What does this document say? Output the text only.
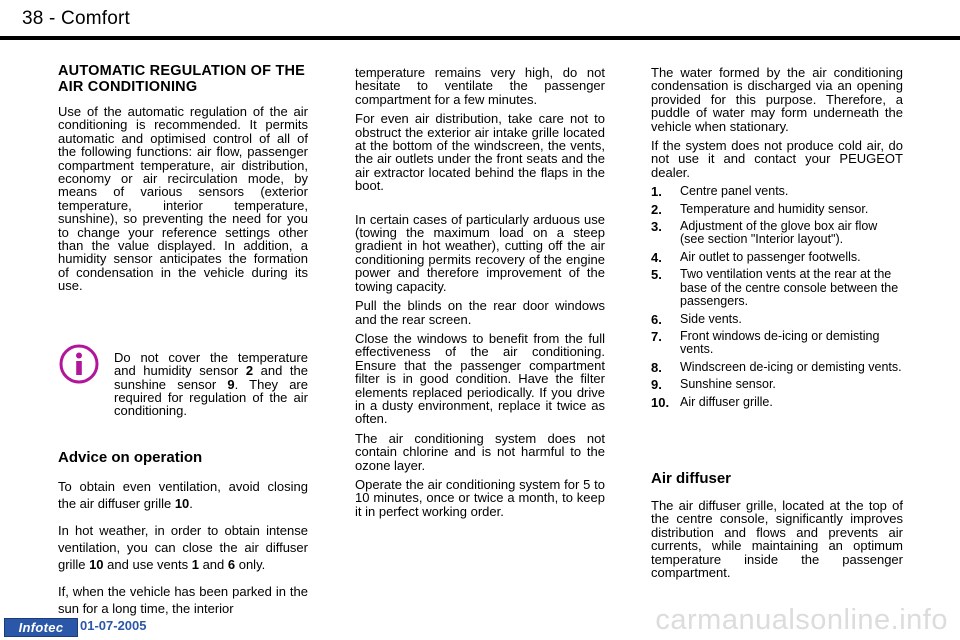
38 - Comfort
AUTOMATIC REGULATION OF THE AIR CONDITIONING

Use of the automatic regulation of the air conditioning is recommended. It permits automatic and optimised control of all of the following functions: air flow, passenger compartment temperature, air distribution, economy or air recirculation mode, by means of various sensors (exterior temperature, interior temperature, sunshine), so preventing the need for you to change your reference settings other than the value displayed. In addition, a humidity sensor anticipates the formation of condensation in the vehicle during its use.

Do not cover the temperature and humidity sensor 2 and the sunshine sensor 9. They are required for regulation of the air conditioning.

Advice on operation

To obtain even ventilation, avoid closing the air diffuser grille 10.

In hot weather, in order to obtain intense ventilation, you can close the air diffuser grille 10 and use vents 1 and 6 only.

If, when the vehicle has been parked in the sun for a long time, the interior

temperature remains very high, do not hesitate to ventilate the passenger compartment for a few minutes.

For even air distribution, take care not to obstruct the exterior air intake grille located at the bottom of the windscreen, the vents, the air outlets under the front seats and the air extractor located behind the flaps in the boot.

In certain cases of particularly arduous use (towing the maximum load on a steep gradient in hot weather), cutting off the air conditioning permits recovery of the engine power and therefore improvement of the towing capacity.

Pull the blinds on the rear door windows and the rear screen.

Close the windows to benefit from the full effectiveness of the air conditioning. Ensure that the passenger compartment filter is in good condition. Have the filter elements replaced periodically. If you drive in a dusty environment, replace it twice as often.

The air conditioning system does not contain chlorine and is not harmful to the ozone layer.

Operate the air conditioning system for 5 to 10 minutes, once or twice a month, to keep it in perfect working order.

The water formed by the air conditioning condensation is discharged via an opening provided for this purpose. Therefore, a puddle of water may form underneath the vehicle when stationary.

If the system does not produce cold air, do not use it and contact your PEUGEOT dealer.

1.	Centre panel vents.
2.	Temperature and humidity sensor.
3.	Adjustment of the glove box air flow (see section "Interior layout").
4.	Air outlet to passenger footwells.
5.	Two ventilation vents at the rear at the base of the centre console between the passengers.
6.	Side vents.
7.	Front windows de-icing or demisting vents.
8.	Windscreen de-icing or demisting vents.
9.	Sunshine sensor.
10. Air diffuser grille.
Air diffuser

The air diffuser grille, located at the top of the centre console, significantly improves distribution and flows and prevents air currents, while maintaining an optimum temperature inside the passenger compartment.

Infotec	01-07-2005	carmanualsonline.info
